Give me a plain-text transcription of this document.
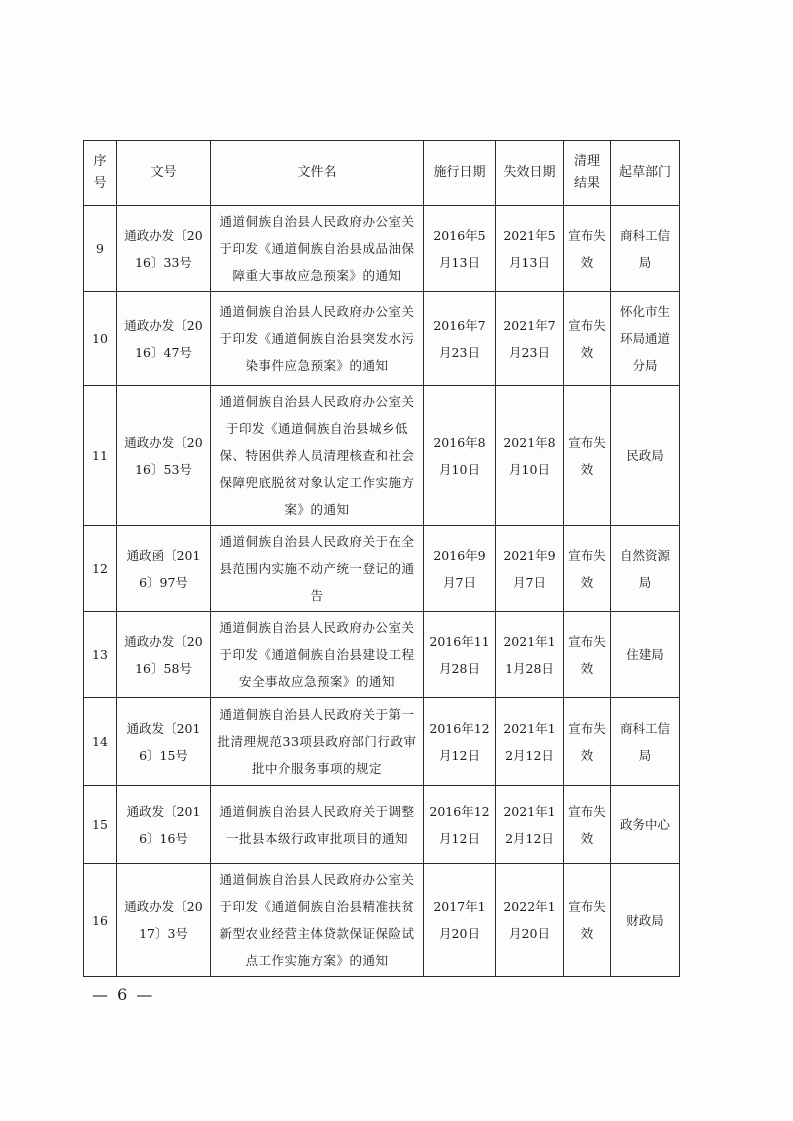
序号	文号	文件名	施行日期	失效日期	清理结果	起草部门
9	通政办发〔2016〕33号	通道侗族自治县人民政府办公室关于印发《通道侗族自治县成品油保障重大事故应急预案》的通知	2016年5月13日	2021年5月13日	宣布失效	商科工信局
10	通政办发〔2016〕47号	通道侗族自治县人民政府办公室关于印发《通道侗族自治县突发水污染事件应急预案》的通知	2016年7月23日	2021年7月23日	宣布失效	怀化市生环局通道分局
11	通政办发〔2016〕53号	通道侗族自治县人民政府办公室关于印发《通道侗族自治县城乡低保、特困供养人员清理核查和社会保障兜底脱贫对象认定工作实施方案》的通知	2016年8月10日	2021年8月10日	宣布失效	民政局
12	通政函〔2016〕97号	通道侗族自治县人民政府关于在全县范围内实施不动产统一登记的通告	2016年9月7日	2021年9月7日	宣布失效	自然资源局
13	通政办发〔2016〕58号	通道侗族自治县人民政府办公室关于印发《通道侗族自治县建设工程安全事故应急预案》的通知	2016年11月28日	2021年11月28日	宣布失效	住建局
14	通政发〔2016〕15号	通道侗族自治县人民政府关于第一批清理规范33项县政府部门行政审批中介服务事项的规定	2016年12月12日	2021年12月12日	宣布失效	商科工信局
15	通政发〔2016〕16号	通道侗族自治县人民政府关于调整一批县本级行政审批项目的通知	2016年12月12日	2021年12月12日	宣布失效	政务中心
16	通政办发〔2017〕3号	通道侗族自治县人民政府办公室关于印发《通道侗族自治县精准扶贫新型农业经营主体贷款保证保险试点工作实施方案》的通知	2017年1月20日	2022年1月20日	宣布失效	财政局
— 6 —
